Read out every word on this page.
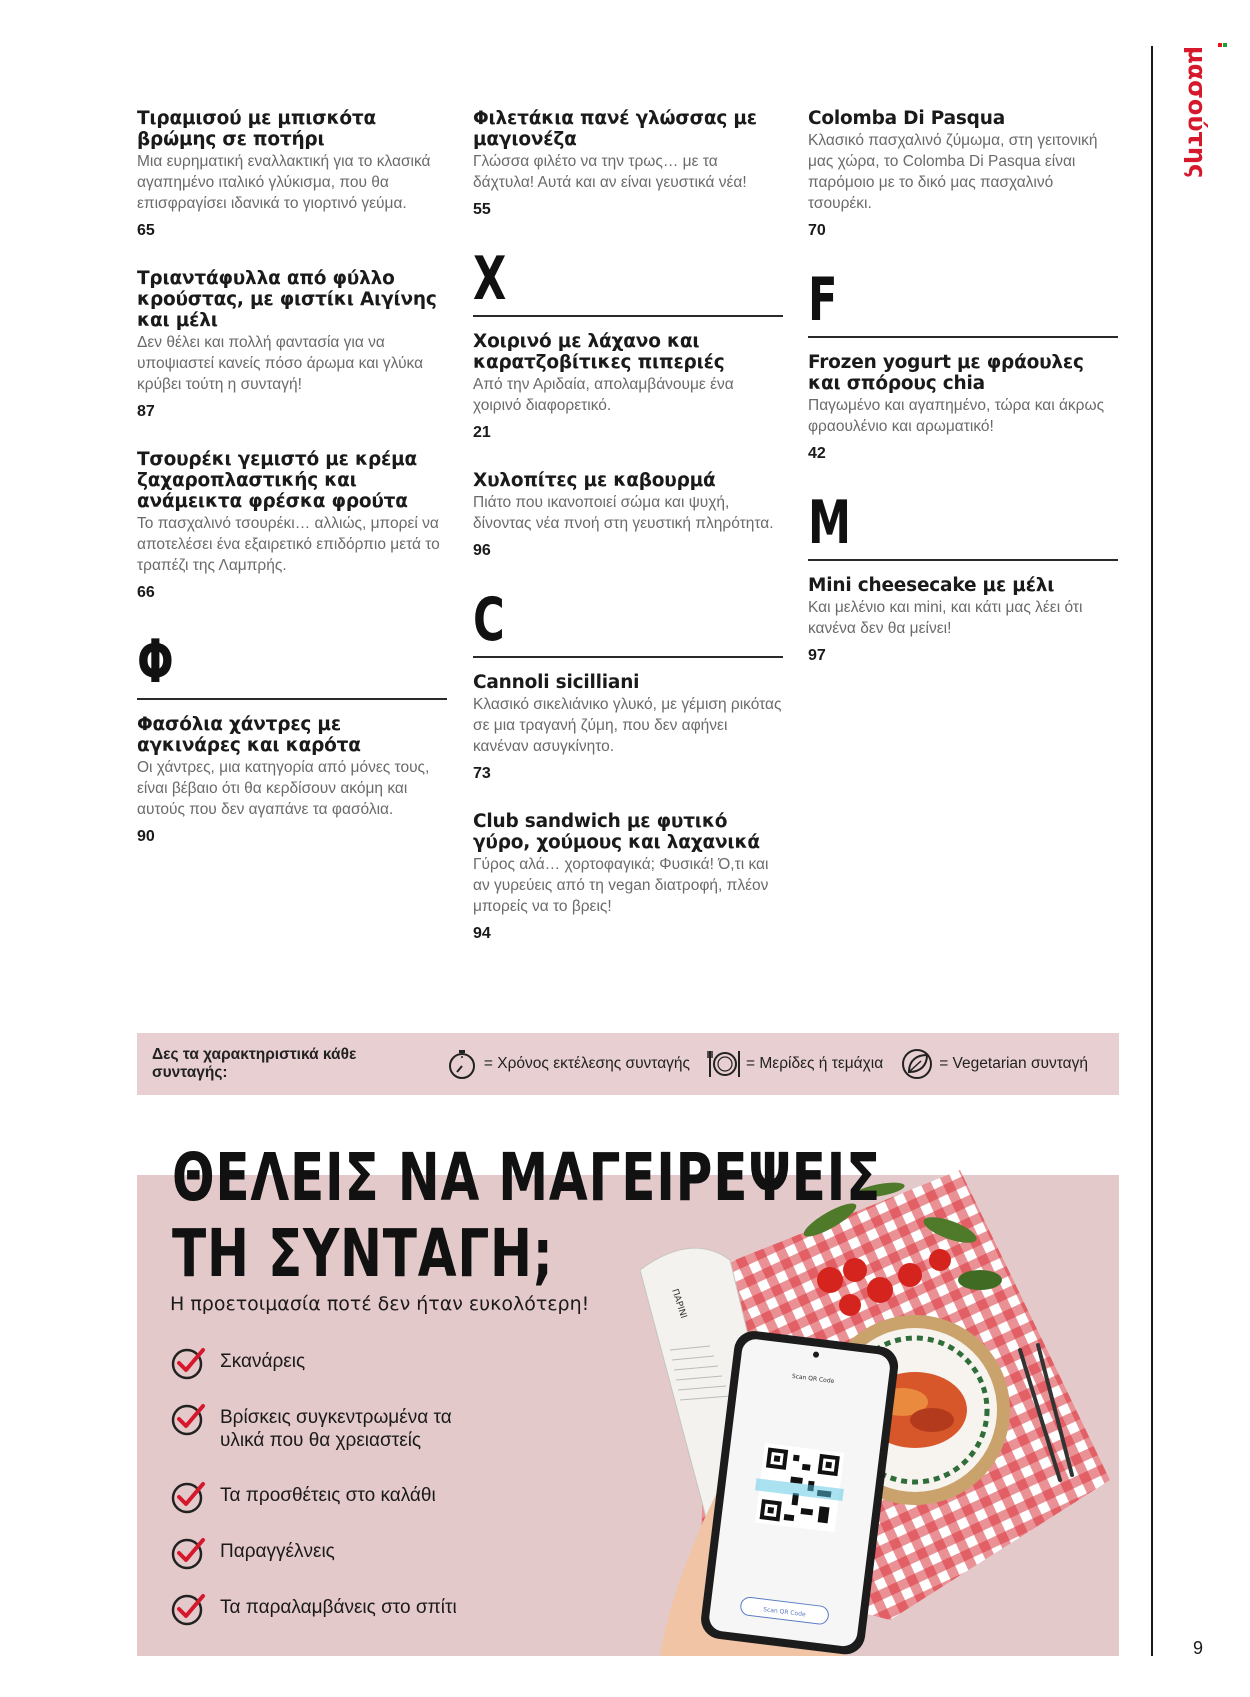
μασούτης
9
Τιραμισού με μπισκότα βρώμης σε ποτήρι
Μια ευρηματική εναλλακτική για το κλασικά αγαπημένο ιταλικό γλύκισμα, που θα επισφραγίσει ιδανικά το γιορτινό γεύμα.
65
Τριαντάφυλλα από φύλλο κρούστας, με φιστίκι Αιγίνης και μέλι
Δεν θέλει και πολλή φαντασία για να υποψιαστεί κανείς πόσο άρωμα και γλύκα κρύβει τούτη η συνταγή!
87
Τσουρέκι γεμιστό με κρέμα ζαχαροπλαστικής και ανάμεικτα φρέσκα φρούτα
Το πασχαλινό τσουρέκι… αλλιώς, μπορεί να αποτελέσει ένα εξαιρετικό επιδόρπιο μετά το τραπέζι της Λαμπρής.
66
Φ
Φασόλια χάντρες με αγκινάρες και καρότα
Οι χάντρες, μια κατηγορία από μόνες τους, είναι βέβαιο ότι θα κερδίσουν ακόμη και αυτούς που δεν αγαπάνε τα φασόλια.
90
Φιλετάκια πανέ γλώσσας με μαγιονέζα
Γλώσσα φιλέτο να την τρως… με τα δάχτυλα! Αυτά και αν είναι γευστικά νέα!
55
X
Χοιρινό με λάχανο και καρατζοβίτικες πιπεριές
Από την Αριδαία, απολαμβάνουμε ένα χοιρινό διαφορετικό.
21
Χυλοπίτες με καβουρμά
Πιάτο που ικανοποιεί σώμα και ψυχή, δίνοντας νέα πνοή στη γευστική πληρότητα.
96
C
Cannoli sicilliani
Κλασικό σικελιάνικο γλυκό, με γέμιση ρικότας σε μια τραγανή ζύμη, που δεν αφήνει κανέναν ασυγκίνητο.
73
Club sandwich με φυτικό γύρο, χούμους και λαχανικά
Γύρος αλά… χορτοφαγικά; Φυσικά! Ό,τι και αν γυρεύεις από τη vegan διατροφή, πλέον μπορείς να το βρεις!
94
Colomba Di Pasqua
Κλασικό πασχαλινό ζύμωμα, στη γειτονική μας χώρα, το Colomba Di Pasqua είναι παρόμοιο με το δικό μας πασχαλινό τσουρέκι.
70
F
Frozen yogurt με φράουλες και σπόρους chia
Παγωμένο και αγαπημένο, τώρα και άκρως φραουλένιο και αρωματικό!
42
M
Mini cheesecake με μέλι
Και μελένιο και mini, και κάτι μας λέει ότι κανένα δεν θα μείνει!
97
Δες τα χαρακτηριστικά κάθε συνταγής:
= Χρόνος εκτέλεσης συνταγής	= Μερίδες ή τεμάχια	= Vegetarian συνταγή
ΠΑΡΙΝΙ
Scan QR Code
Scan QR Code
ΘΕΛΕΙΣ ΝΑ ΜΑΓΕΙΡΕΨΕΙΣ
ΤΗ ΣΥΝΤΑΓΗ;
Η προετοιμασία ποτέ δεν ήταν ευκολότερη!
Σκανάρεις
Βρίσκεις συγκεντρωμένα τα υλικά που θα χρειαστείς
Τα προσθέτεις στο καλάθι
Παραγγέλνεις
Τα παραλαμβάνεις στο σπίτι
